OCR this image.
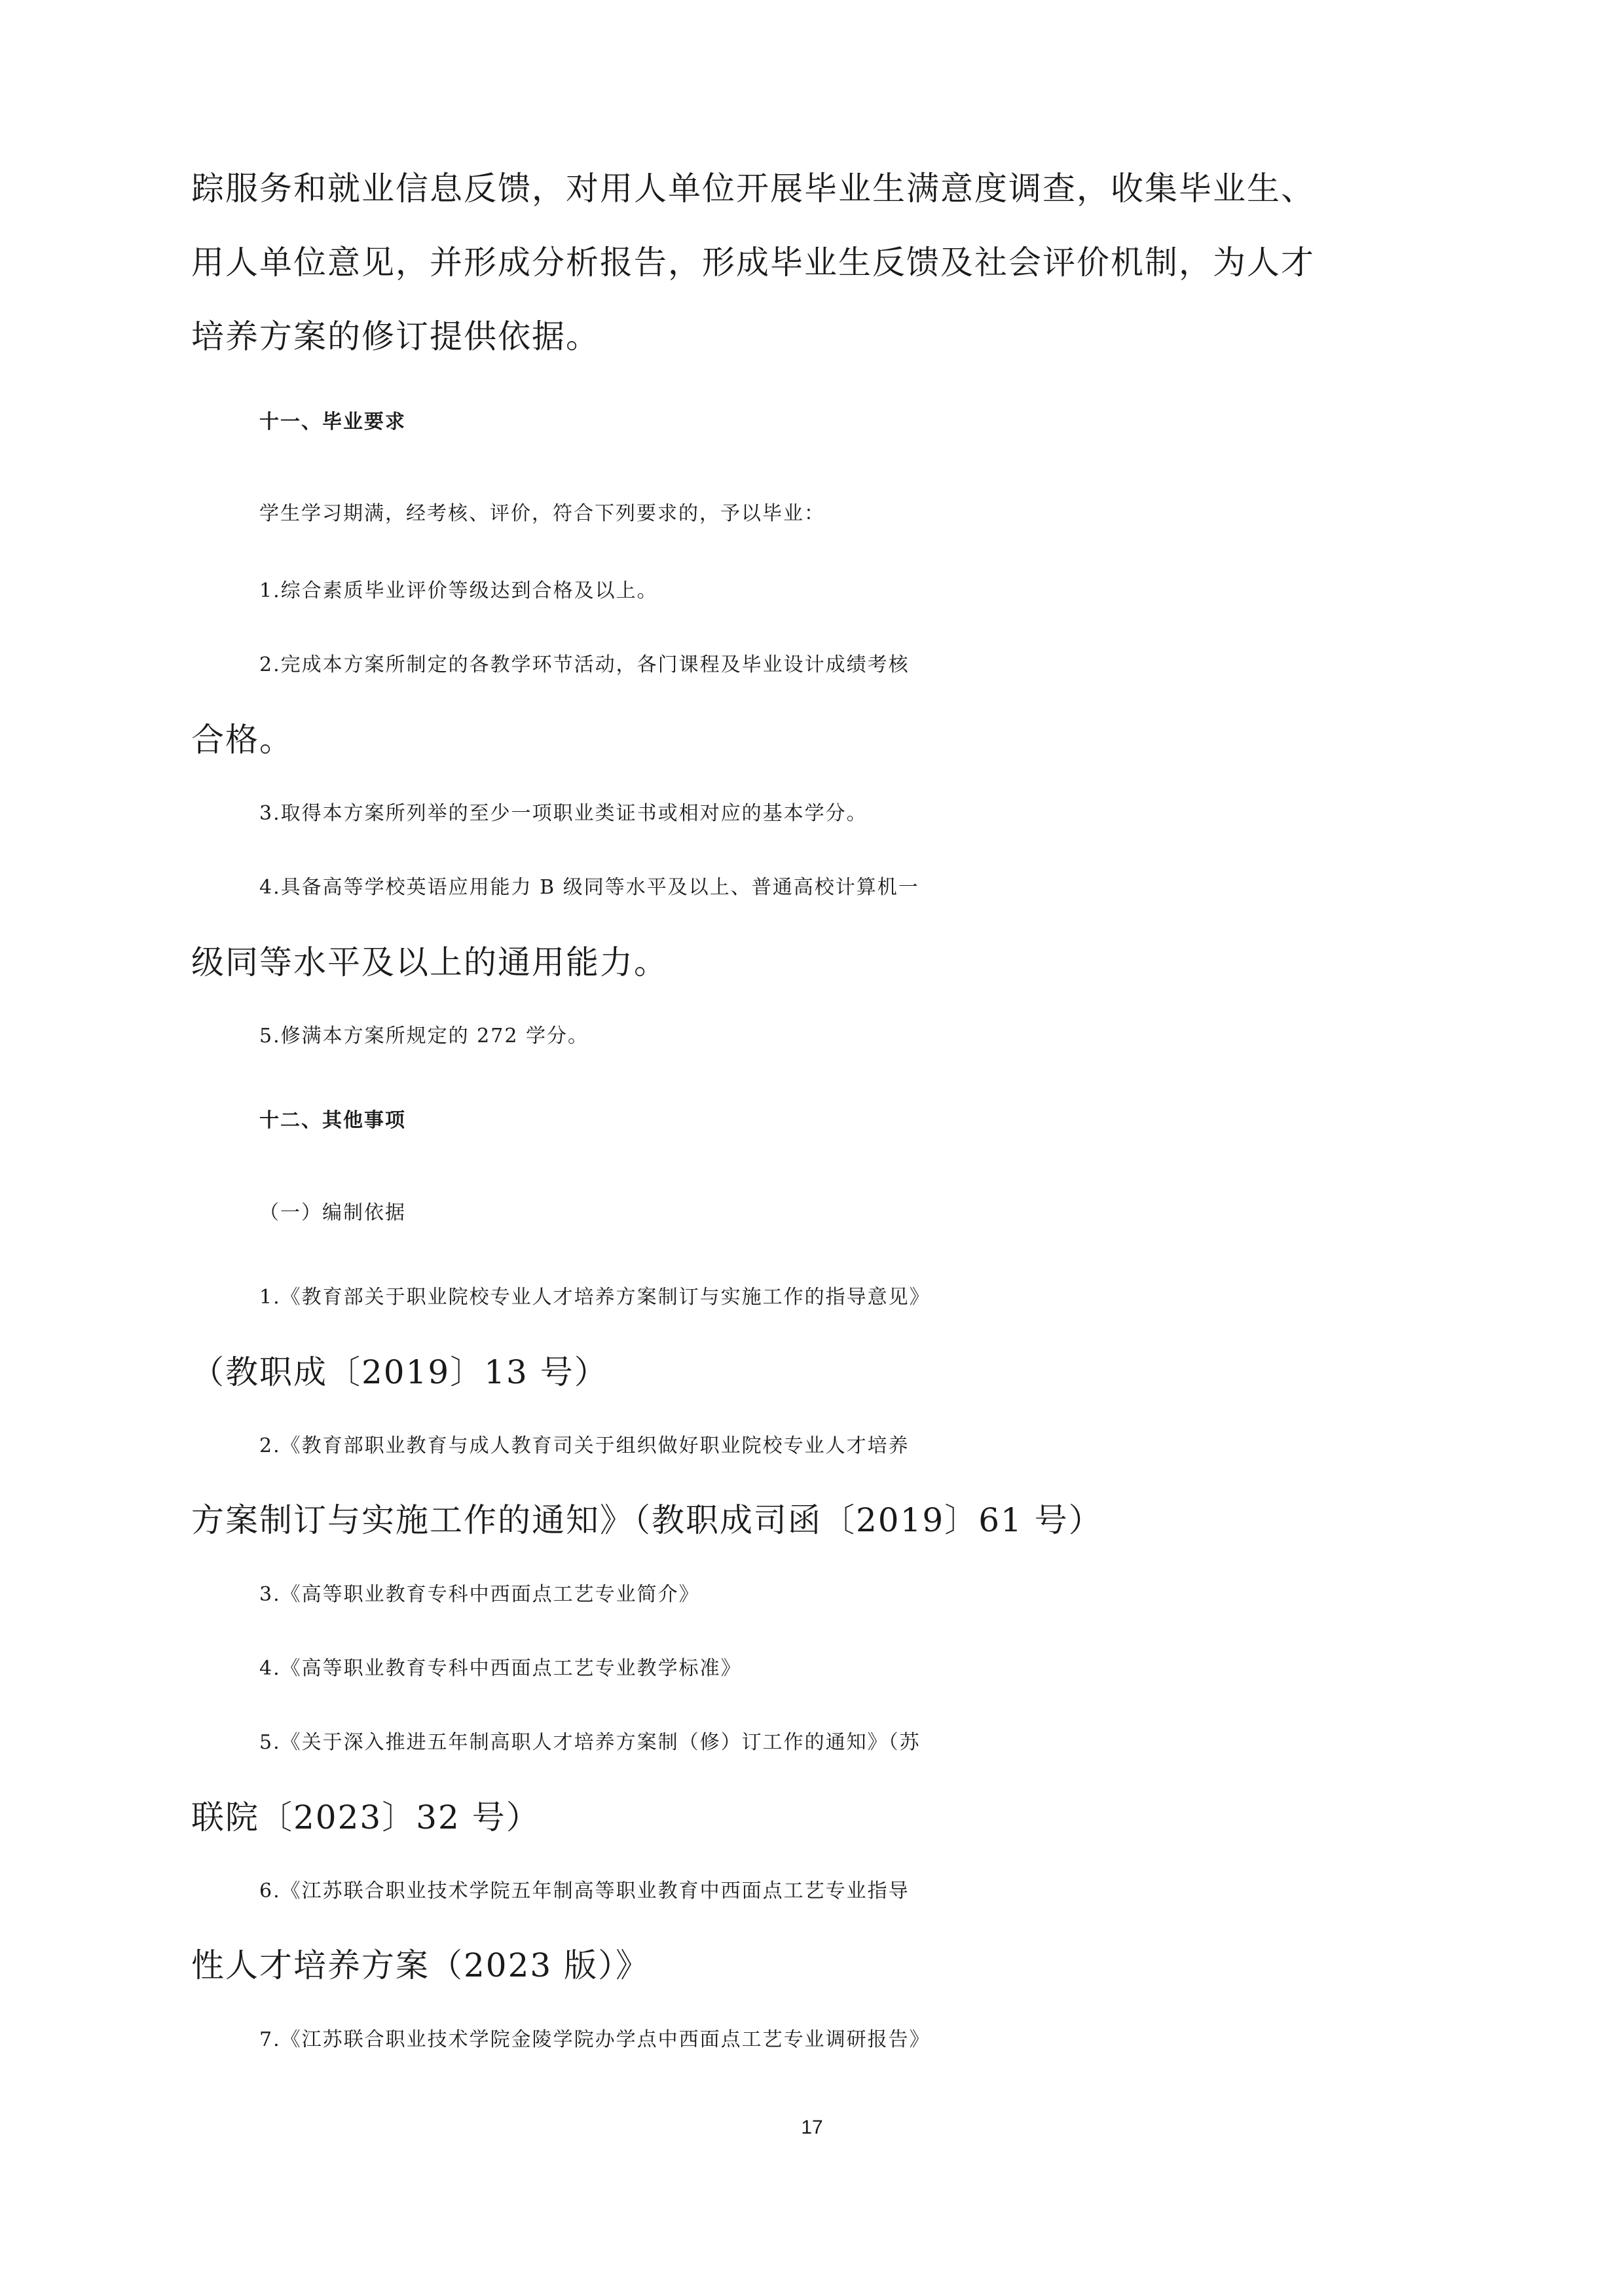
踪服务和就业信息反馈，对用人单位开展毕业生满意度调查，收集毕业生、
用人单位意见，并形成分析报告，形成毕业生反馈及社会评价机制，为人才
培养方案的修订提供依据。
十一、毕业要求
学生学习期满，经考核、评价，符合下列要求的，予以毕业：
1.综合素质毕业评价等级达到合格及以上。
2.完成本方案所制定的各教学环节活动，各门课程及毕业设计成绩考核
合格。
3.取得本方案所列举的至少一项职业类证书或相对应的基本学分。
4.具备高等学校英语应用能力 B 级同等水平及以上、普通高校计算机一
级同等水平及以上的通用能力。
5.修满本方案所规定的 272 学分。
十二、其他事项
（一）编制依据
1.《教育部关于职业院校专业人才培养方案制订与实施工作的指导意见》
（教职成〔2019〕13 号）
2.《教育部职业教育与成人教育司关于组织做好职业院校专业人才培养
方案制订与实施工作的通知》（教职成司函〔2019〕61 号）
3.《高等职业教育专科中西面点工艺专业简介》
4.《高等职业教育专科中西面点工艺专业教学标准》
5.《关于深入推进五年制高职人才培养方案制（修）订工作的通知》（苏
联院〔2023〕32 号）
6.《江苏联合职业技术学院五年制高等职业教育中西面点工艺专业指导
性人才培养方案（2023 版）》
7.《江苏联合职业技术学院金陵学院办学点中西面点工艺专业调研报告》
17
